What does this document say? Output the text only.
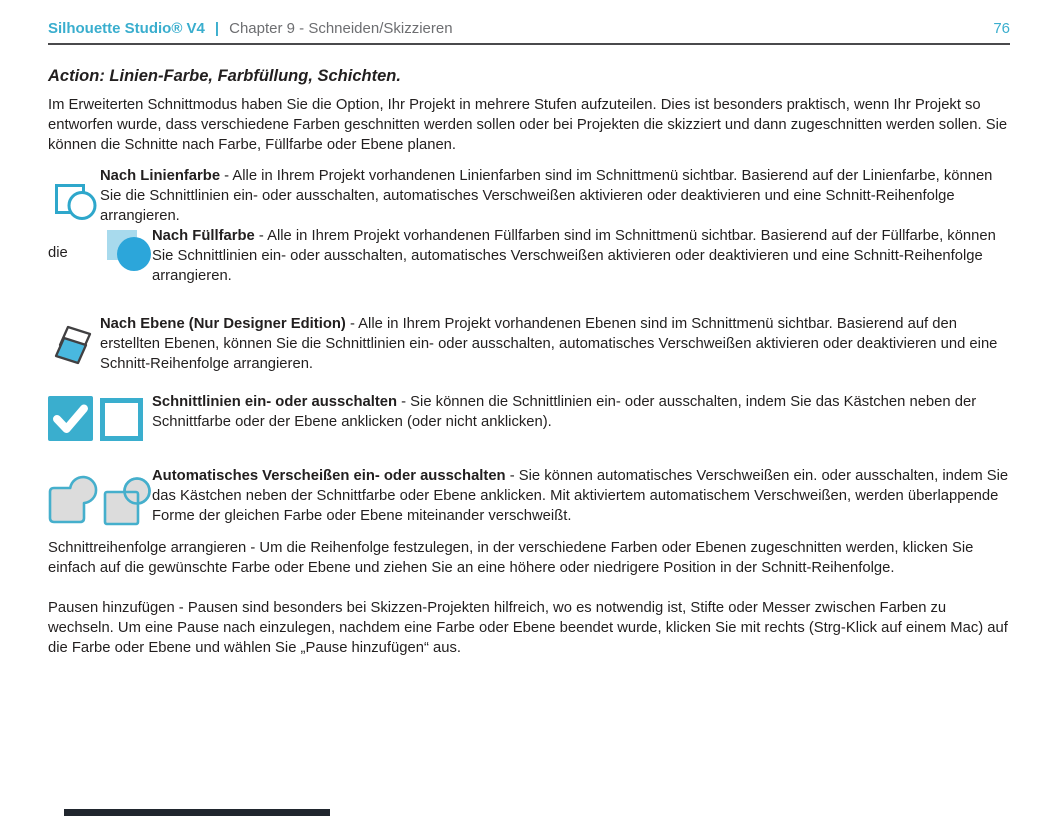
Silhouette Studio® V4 | Chapter 9 - Schneiden/Skizzieren	76
Action: Linien-Farbe, Farbfüllung, Schichten.

Im Erweiterten Schnittmodus haben Sie die Option, Ihr Projekt in mehrere Stufen aufzuteilen. Dies ist besonders praktisch, wenn Ihr Projekt so entworfen wurde, dass verschiedene Farben geschnitten werden sollen oder bei Projekten die skizziert und dann zugeschnitten werden sollen. Sie können die Schnitte nach Farbe, Füllfarbe oder Ebene planen.

Nach Linienfarbe - Alle in Ihrem Projekt vorhandenen Linienfarben sind im Schnittmenü sichtbar. Basierend auf der Linienfarbe, können Sie die Schnittlinien ein- oder ausschalten, automatisches Verschweißen aktivieren oder deaktivieren und eine Schnitt-Reihenfolge arrangieren.

die

Nach Füllfarbe - Alle in Ihrem Projekt vorhandenen Füllfarben sind im Schnittmenü sichtbar. Basierend auf der Füllfarbe, können Sie Schnittlinien ein- oder ausschalten, automatisches Verschweißen aktivieren oder deaktivieren und eine Schnitt-Reihenfolge arrangieren.

Nach Ebene (Nur Designer Edition) - Alle in Ihrem Projekt vorhandenen Ebenen sind im Schnittmenü sichtbar. Basierend auf den erstellten Ebenen, können Sie die Schnittlinien ein- oder ausschalten, automatisches Verschweißen aktivieren oder deaktivieren und eine Schnitt-Reihenfolge arrangieren.

Schnittlinien ein- oder ausschalten - Sie können die Schnittlinien ein- oder ausschalten, indem Sie das Kästchen neben der Schnittfarbe oder der Ebene anklicken (oder nicht anklicken).

Automatisches Verscheißen ein- oder ausschalten - Sie können automatisches Verschweißen ein. oder ausschalten, indem Sie das Kästchen neben der Schnittfarbe oder Ebene anklicken. Mit aktiviertem automatischem Verschweißen, werden überlappende Forme der gleichen Farbe oder Ebene miteinander verschweißt.

Schnittreihenfolge arrangieren - Um die Reihenfolge festzulegen, in der verschiedene Farben oder Ebenen zugeschnitten werden, klicken Sie einfach auf die gewünschte Farbe oder Ebene und ziehen Sie an eine höhere oder niedrigere Position in der Schnitt-Reihenfolge.

Pausen hinzufügen - Pausen sind besonders bei Skizzen-Projekten hilfreich, wo es notwendig ist, Stifte oder Messer zwischen Farben zu wechseln. Um eine Pause nach einzulegen, nachdem eine Farbe oder Ebene beendet wurde, klicken Sie mit rechts (Strg-Klick auf einem Mac) auf die Farbe oder Ebene und wählen Sie „Pause hinzufügen“ aus.
